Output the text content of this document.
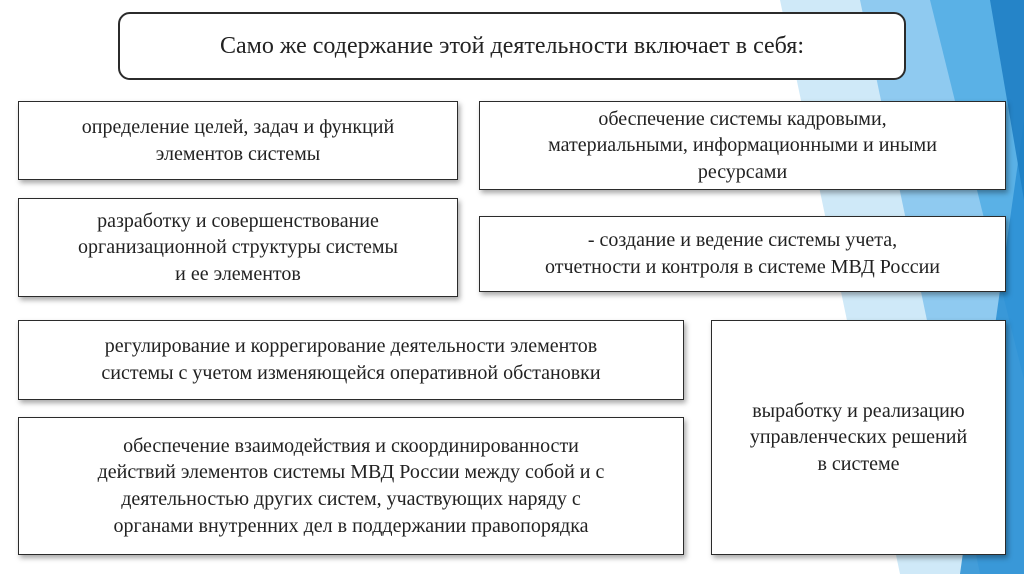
Само же содержание этой деятельности включает в себя:
определение целей, задач и функций
элементов системы
обеспечение системы кадровыми,
материальными, информационными и иными
ресурсами
разработку и совершенствование
организационной структуры системы
и ее элементов
- создание и ведение системы учета,
отчетности и контроля в системе МВД России
регулирование и коррегирование деятельности элементов
системы с учетом изменяющейся оперативной обстановки
обеспечение взаимодействия и скоординированности
действий элементов системы МВД России между собой и с
деятельностью других систем, участвующих наряду с
органами внутренних дел в поддержании правопорядка
выработку и реализацию
управленческих решений
в системе
